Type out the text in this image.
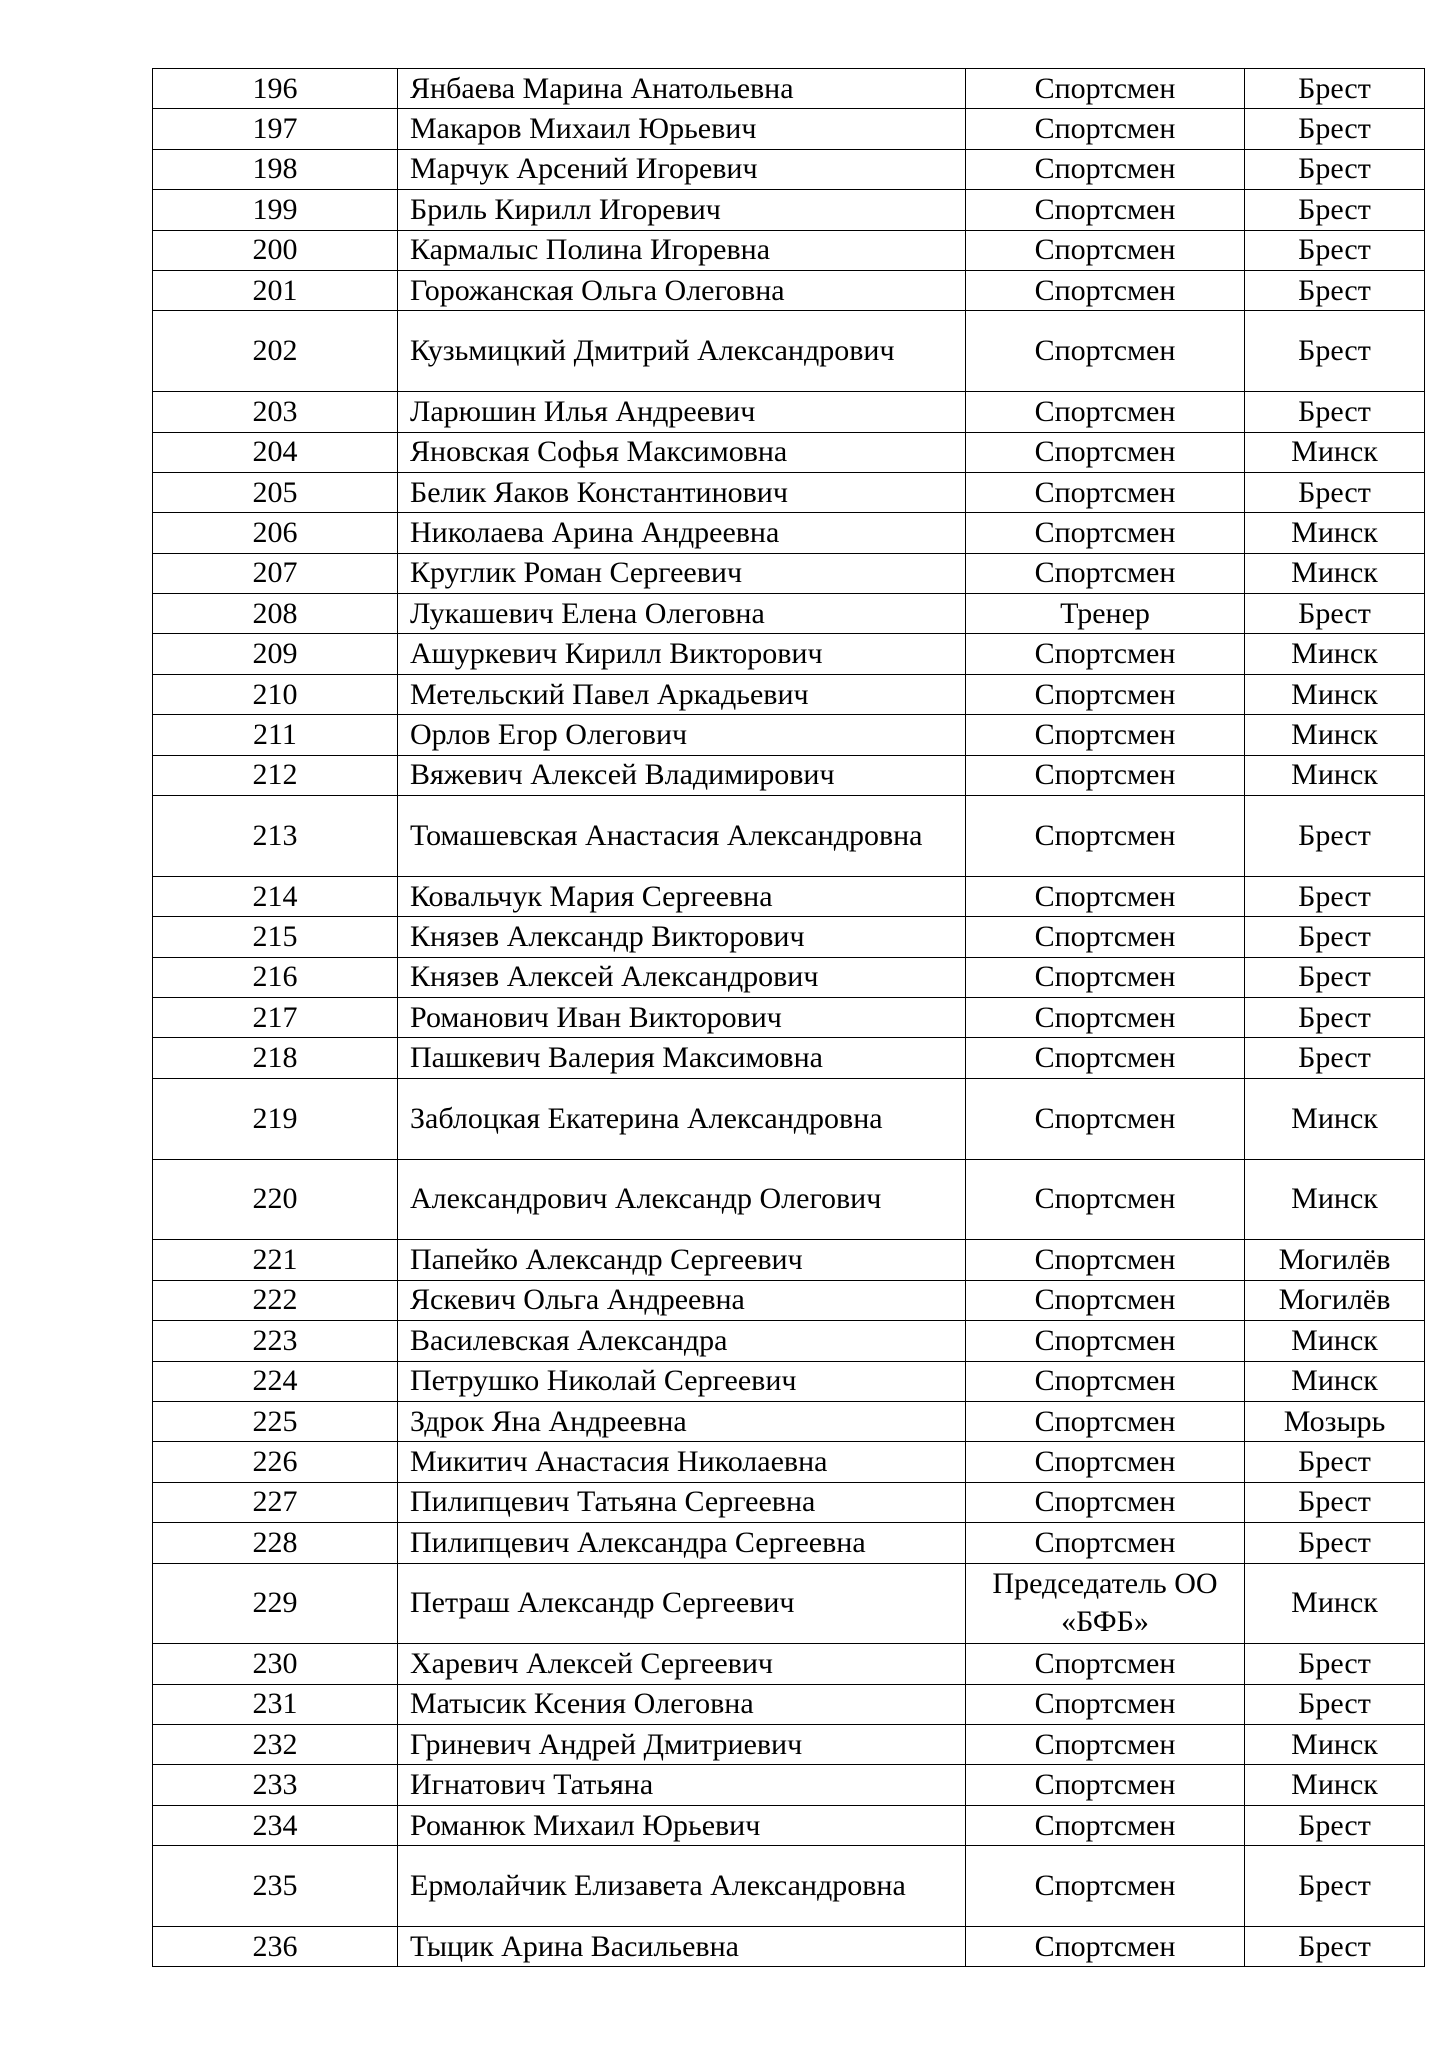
196	Янбаева Марина Анатольевна	Спортсмен	Брест
197	Макаров Михаил Юрьевич	Спортсмен	Брест
198	Марчук Арсений Игоревич	Спортсмен	Брест
199	Бриль Кирилл Игоревич	Спортсмен	Брест
200	Кармалыс Полина Игоревна	Спортсмен	Брест
201	Горожанская Ольга Олеговна	Спортсмен	Брест
202	Кузьмицкий Дмитрий Александрович	Спортсмен	Брест
203	Ларюшин Илья Андреевич	Спортсмен	Брест
204	Яновская Софья Максимовна	Спортсмен	Минск
205	Белик Яаков Константинович	Спортсмен	Брест
206	Николаева Арина Андреевна	Спортсмен	Минск
207	Круглик Роман Сергеевич	Спортсмен	Минск
208	Лукашевич Елена Олеговна	Тренер	Брест
209	Ашуркевич Кирилл Викторович	Спортсмен	Минск
210	Метельский Павел Аркадьевич	Спортсмен	Минск
211	Орлов Егор Олегович	Спортсмен	Минск
212	Вяжевич Алексей Владимирович	Спортсмен	Минск
213	Томашевская Анастасия Александровна	Спортсмен	Брест
214	Ковальчук Мария Сергеевна	Спортсмен	Брест
215	Князев Александр Викторович	Спортсмен	Брест
216	Князев Алексей Александрович	Спортсмен	Брест
217	Романович Иван Викторович	Спортсмен	Брест
218	Пашкевич Валерия Максимовна	Спортсмен	Брест
219	Заблоцкая Екатерина Александровна	Спортсмен	Минск
220	Александрович Александр Олегович	Спортсмен	Минск
221	Папейко Александр Сергеевич	Спортсмен	Могилёв
222	Яскевич Ольга Андреевна	Спортсмен	Могилёв
223	Василевская Александра	Спортсмен	Минск
224	Петрушко Николай Сергеевич	Спортсмен	Минск
225	Здрок Яна Андреевна	Спортсмен	Мозырь
226	Микитич Анастасия Николаевна	Спортсмен	Брест
227	Пилипцевич Татьяна Сергеевна	Спортсмен	Брест
228	Пилипцевич Александра Сергеевна	Спортсмен	Брест
229	Петраш Александр Сергеевич	Председатель ОО «БФБ»	Минск
230	Харевич Алексей Сергеевич	Спортсмен	Брест
231	Матысик Ксения Олеговна	Спортсмен	Брест
232	Гриневич Андрей Дмитриевич	Спортсмен	Минск
233	Игнатович Татьяна	Спортсмен	Минск
234	Романюк Михаил Юрьевич	Спортсмен	Брест
235	Ермолайчик Елизавета Александровна	Спортсмен	Брест
236	Тыцик Арина Васильевна	Спортсмен	Брест
